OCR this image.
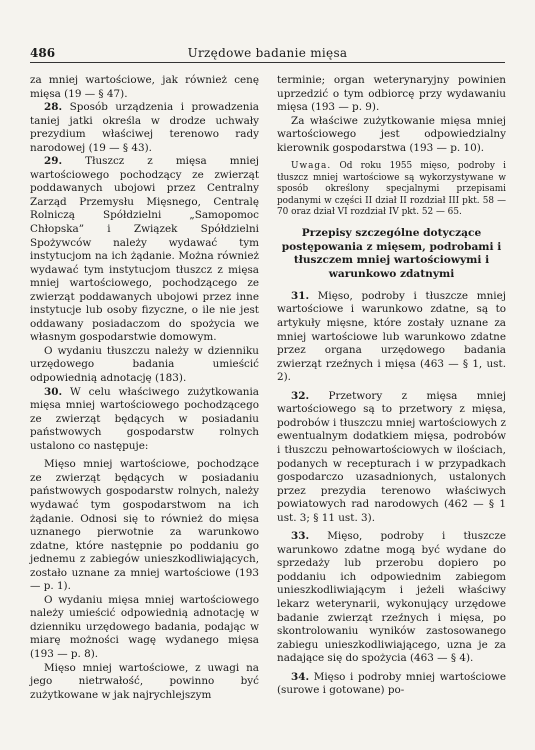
486	Urzędowe badanie mięsa

za mniej wartościowe, jak również cenę mięsa (19 — § 47).

28. Sposób urządzenia i prowadzenia taniej jatki określa w drodze uchwały prezydium właściwej terenowo rady narodowej (19 — § 43).

29. Tłuszcz z mięsa mniej wartościowego pochodzący ze zwierząt poddawanych ubojowi przez Centralny Zarząd Przemysłu Mięsnego, Centralę Rolniczą Spółdzielni „Samopomoc Chłopska” i Związek Spółdzielni Spożywców należy wydawać tym instytucjom na ich żądanie. Można również wydawać tym instytucjom tłuszcz z mięsa mniej wartościowego, pochodzącego ze zwierząt poddawanych ubojowi przez inne instytucje lub osoby fizyczne, o ile nie jest oddawany posiadaczom do spożycia we własnym gospodarstwie domowym.

O wydaniu tłuszczu należy w dzienniku urzędowego badania umieścić odpowiednią adnotację (183).

30. W celu właściwego zużytkowania mięsa mniej wartościowego pochodzącego ze zwierząt będących w posiadaniu państwowych gospodarstw rolnych ustalono co następuje:

Mięso mniej wartościowe, pochodzące ze zwierząt będących w posiadaniu państwowych gospodarstw rolnych, należy wydawać tym gospodarstwom na ich żądanie. Odnosi się to również do mięsa uznanego pierwotnie za warunkowo zdatne, które następnie po poddaniu go jednemu z zabiegów unieszkodliwiających, zostało uznane za mniej wartościowe (193 — p. 1).

O wydaniu mięsa mniej wartościowego należy umieścić odpowiednią adnotację w dzienniku urzędowego badania, podając w miarę możności wagę wydanego mięsa (193 — p. 8).

Mięso mniej wartościowe, z uwagi na jego nietrwałość, powinno być zużytkowane w jak najrychlejszym

terminie; organ weterynaryjny powinien uprzedzić o tym odbiorcę przy wydawaniu mięsa (193 — p. 9).

Za właściwe zużytkowanie mięsa mniej wartościowego jest odpowiedzialny kierownik gospodarstwa (193 — p. 10).

Uwaga. Od roku 1955 mięso, podroby i tłuszcz mniej wartościowe są wykorzystywane w sposób określony specjalnymi przepisami podanymi w części II dział II rozdział III pkt. 58 — 70 oraz dział VI rozdział IV pkt. 52 — 65.

Przepisy szczególne dotyczące postępowania z mięsem, podrobami i tłuszczem mniej wartościowymi i warunkowo zdatnymi

31. Mięso, podroby i tłuszcze mniej wartościowe i warunkowo zdatne, są to artykuły mięsne, które zostały uznane za mniej wartościowe lub warunkowo zdatne przez organa urzędowego badania zwierząt rzeźnych i mięsa (463 — § 1, ust. 2).

32. Przetwory z mięsa mniej wartościowego są to przetwory z mięsa, podrobów i tłuszczu mniej wartościowych z ewentualnym dodatkiem mięsa, podrobów i tłuszczu pełnowartościowych w ilościach, podanych w recepturach i w przypadkach gospodarczo uzasadnionych, ustalonych przez prezydia terenowo właściwych powiatowych rad narodowych (462 — § 1 ust. 3; § 11 ust. 3).

33. Mięso, podroby i tłuszcze warunkowo zdatne mogą być wydane do sprzedaży lub przerobu dopiero po poddaniu ich odpowiednim zabiegom unieszkodliwiającym i jeżeli właściwy lekarz weterynarii, wykonujący urzędowe badanie zwierząt rzeźnych i mięsa, po skontrolowaniu wyników zastosowanego zabiegu unieszkodliwiającego, uzna je za nadające się do spożycia (463 — § 4).

34. Mięso i podroby mniej wartościowe (surowe i gotowane) po-
